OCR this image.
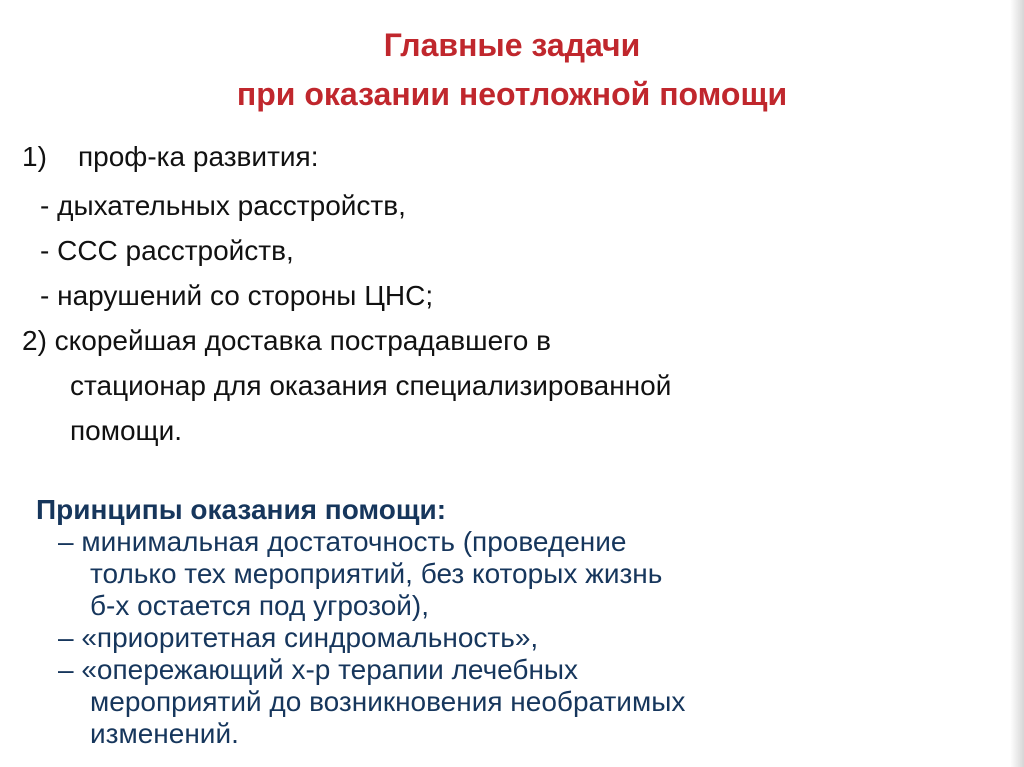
Главные задачи
при оказании неотложной помощи
1) проф-ка развития:
- дыхательных расстройств,
- ССС расстройств,
- нарушений со стороны ЦНС;
2) скорейшая доставка пострадавшего в
стационар для оказания специализированной
помощи.
Принципы оказания помощи:
– минимальная достаточность (проведение
только тех мероприятий, без которых жизнь
б-х остается под угрозой),
– «приоритетная синдромальность»,
– «опережающий х-р терапии лечебных
мероприятий до возникновения необратимых
изменений.
